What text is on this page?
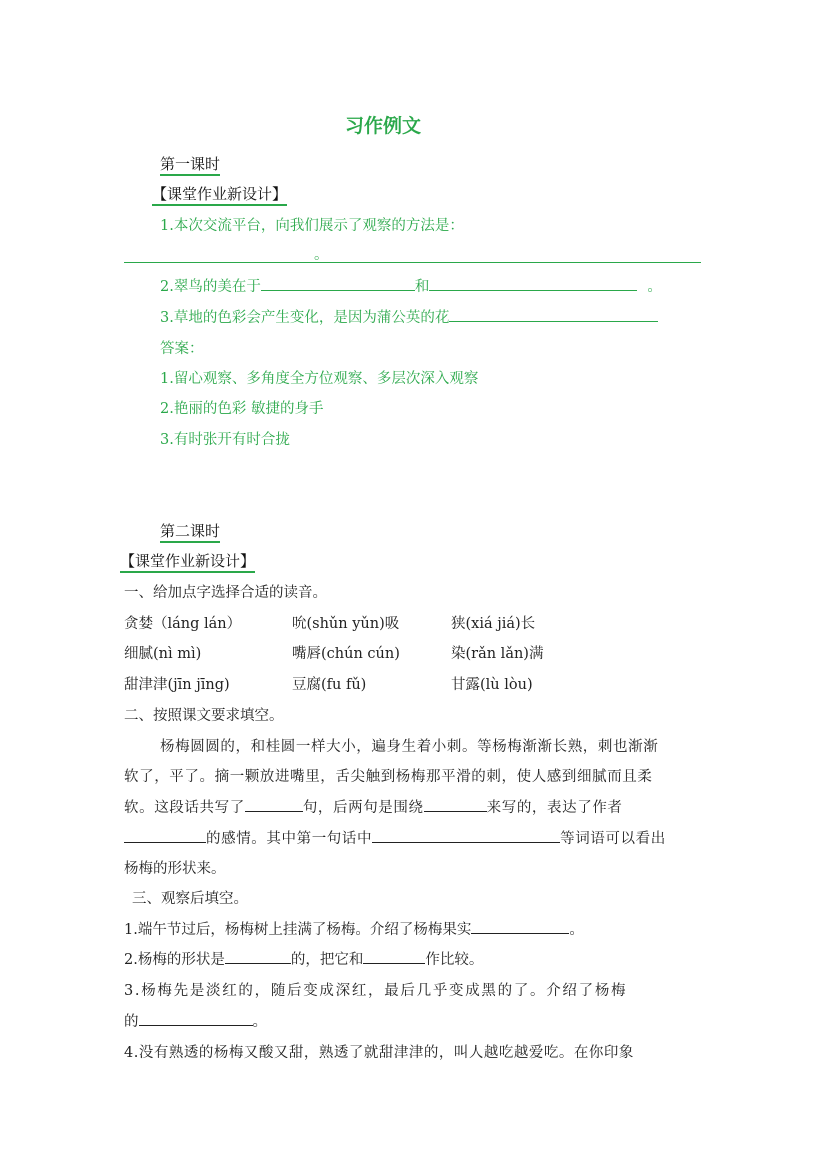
习作例文
第一课时
【课堂作业新设计】
1.本次交流平台，向我们展示了观察的方法是：
。
2.翠鸟的美在于	和	。
3.草地的色彩会产生变化，是因为蒲公英的花
答案：
1.留心观察、多角度全方位观察、多层次深入观察
2.艳丽的色彩 敏捷的身手
3.有时张开有时合拢
第二课时
【课堂作业新设计】
一、给加点字选择合适的读音。
贪婪（láng lán）	吮(shǔn yǔn)吸	狭(xiá jiá)长
细腻(nì mì)	嘴唇(chún cún)	染(rǎn lǎn)满
甜津津(jīn jīng)	豆腐(fu fǔ)	甘露(lù lòu)
二、按照课文要求填空。
杨梅圆圆的，和桂圆一样大小，遍身生着小刺。等杨梅渐渐长熟，刺也渐渐
软了，平了。摘一颗放进嘴里，舌尖触到杨梅那平滑的刺，使人感到细腻而且柔
软。这段话共写了	句，后两句是围绕	来写的，表达了作者
的感情。其中第一句话中	等词语可以看出
杨梅的形状来。
三、观察后填空。
1.端午节过后，杨梅树上挂满了杨梅。介绍了杨梅果实	。
2.杨梅的形状是	的，把它和	作比较。
3.杨梅先是淡红的，随后变成深红，最后几乎变成黑的了。介绍了杨梅
的	。
4.没有熟透的杨梅又酸又甜，熟透了就甜津津的，叫人越吃越爱吃。在你印象
